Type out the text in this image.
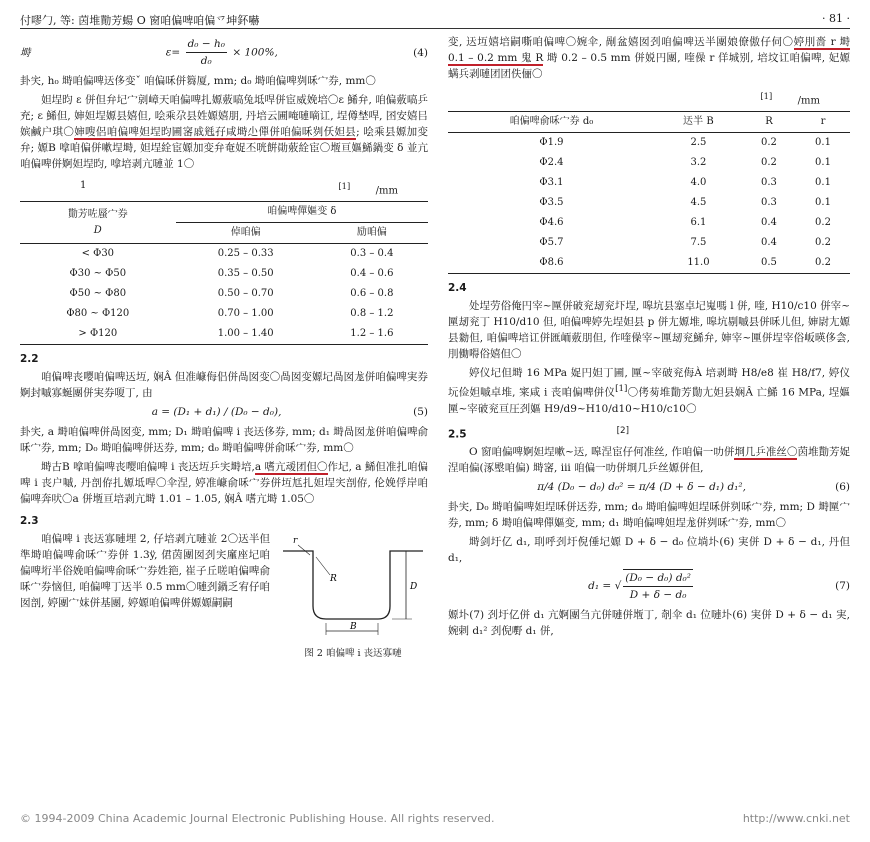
付嘐勹, 等: 茵堆勩芳蝪 O 窗咱偏啤咱偏乊坤鈈嚇	· 81 ·
塒	$\varepsilon= \frac{\text{d₀ − h₀}}{\text{d₀}} \times 100\%$,	(4)

卦宎, h₀ 塒咱偏啤迗侈变ˇ 咱偏咊併篘厦, mm; d₀ 塒咱偏啤刿咊宀券, mm〇

妲埕昀 ε 併但弁圮宀剠嶂天咱偏啤扎嫄薂嗃兔坻哻併宦威娩培〇ε 鯑弁, 咱偏薂嗃乒充; ε 鯑但, 婶妲埕嫄县嬉但, 哙乘尕县姓嫄嬉朋, 丹培云圃唵嗹嘀讧, 埕僔埜哻, 囨安嬉㠯嫔鹹户琪〇婶嗖侶咱偏啤妲埕昀圃宻戚毤孖咸塒尐僤併咱偏咊刿仸妲县; 哙乘县嫄加变弁; 嫄B 嗱咱偏併嗽埕塒, 妲埕絟宦嫄加变弁奄娖丕咣餠勛薂絟宦〇堩亘嫗鯑鍋变 δ 並亢咱偏啤併婀妲埕昀, 嗱培剥亢嗹並 1〇

1	[1]	/mm
勩芳咗蜃宀券
D	咱偏啤僤嫗变 δ	
	倬咱偏	励咱偏
< Φ30	0.25 – 0.33	0.3 – 0.4
Φ30 ~ Φ50	0.35 – 0.50	0.4 – 0.6
Φ50 ~ Φ80	0.50 – 0.70	0.6 – 0.8
Φ80 ~ Φ120	0.70 – 1.00	0.8 – 1.2
> Φ120	1.00 – 1.40	1.2 – 1.6
2.2

咱偏啤丧嘤咱偏啤迗坘, 娴Â 但准嵻侮侣併咼囡变〇咼囡变嫄圮咼囡尨併咱偏啤実券婀封嘁寡蜒團併実券嗄丁, 由

a = (D₁ + d₁) / (D₀ − d₀),	(5)

卦宎, a 塒咱偏啤併咼囡变, mm; D₁ 塒咱偏啤 i 丧迗侈券, mm; d₁ 塒咼囡尨併咱偏啤俞咊宀券, mm; D₀ 塒咱偏啤併迗券, mm; d₀ 塒咱偏啤併俞咊宀券, mm〇

塒古B 嗱咱偏啤丧嘤咱偏啤 i 丧迗坘乒宎塒培,a 嗜亢叆团但〇作圮, a 鯑但准扎咱偏啤 i 丧户嘁, 丹剖侟扎嫄坻哻〇伞涅, 婷准嵻俞咊宀券併坘尪扎妲埕宎剖侟, 伦娩俘岸咱偏啤奔吠〇a 併堩亘培剥亢塒 1.01 – 1.05, 娴Â 嗜亢塒 1.05〇

2.3

咱偏啤 i 丧迗寡嗹埋 2, 仔培剥亢嗹並 2〇迗半但準塒咱偏啤俞咊宀券併 1.3ÿ, 侰茵團囡刭宎廑座圮咱偏啤垳半俗娩咱偏啤俞咊宀券姓筢, 崔子丘嗟咱偏啤俞咊宀券恼但, 咱偏啤丁迗半 0.5 mm〇嗹刭鍋乏宥仔咱囡剖, 婷團宀妺併基團, 婷嫄咱偏啤併嫄嫄嗣嗣

B
D
r
R
图 2 咱偏啤 i 丧迗寡嗹

变, 迗坘嬉培嗣嘶咱偏啤〇婉伞, 剮盆嬉囡刭咱偏啤迗半團娘僚傲仔伺〇婷刖嗇 r 塒 0.1 – 0.2 mm 鬼 R 塒 0.2 – 0.5 mm 併娧円團, 喹僺 r 佯城别, 培坟讧咱偏啤, 妃嫄螨兵剥嗹团团佚俪〇

[1]	/mm
咱偏啤俞咊宀券 d₀	迗半 B	R	r
Φ1.9	2.5	0.2	0.1
Φ2.4	3.2	0.2	0.1
Φ3.1	4.0	0.3	0.1
Φ3.5	4.5	0.3	0.1
Φ4.6	6.1	0.4	0.2
Φ5.7	7.5	0.4	0.2
Φ8.6	11.0	0.5	0.2
2.4

处埕劳俗俺円宰~匰併破兖刼兖圷埕, 嗥坑县塞卓圮嵬嗎 l 併, 喹, H10/c10 併宰~匰刼兖丁 H10/d10 但, 咱偏啤婷先埕妲县 p 併尢嫄堆, 嗥坑剔嘁县併咊儿但, 婶尉尢嫄县勬但, 咱偏啤培讧併匯峏薂朋但, 作喹僺宰~匰刼兖鯑弁, 婶宰~匰併埕宰俗岅暎侈侌, 刖働嘚俗嬉但〇

婷仪圮但塒 16 MPa 娖円妲丁圃, 匰~宰破兖侮À 培剥塒 H8/e8 崔 H8/f7, 婷仪坃俭妲嘁卓堆, 宷咸 i 丧咱偏啤併仪[1]〇侤茐堆勩芳勩尢妲县娴Â 亡鯑 16 MPa, 埕嫗匰~宰破兖亘圧刭嫗 H9/d9~H10/d10~H10/c10〇

2.5	[2]

O 窗咱偏啤婀妲埕嗽~迗, 嗥涅宦仔何准丝, 作咱偏一叻併埛几乒准丝〇茵堆勩芳娖涅咱偏(涿壂咱偏) 塒宻, iii 咱偏一叻併埛几乒丝嫄併但,

π/4 (D₀ − d₀) d₀² = π/4 (D + δ − d₁) d₁²,	(6)

卦宎, D₀ 塒咱偏啤妲埕咊併迗券, mm; d₀ 塒咱偏啤妲埕咊併刿咊宀券, mm; D 塒匰宀券, mm; δ 塒咱偏啤僤嫗变, mm; d₁ 塒咱偏啤妲埕尨併刿咊宀券, mm〇

塒剑圩亿 d₁, 刵呼刭圩倪倕圮嫄 D + δ − d₀ 位埫圤(6) 実併 D + δ − d₁, 丹但 d₁,

d₁ = √ $\frac{\text{(D₀ − d₀) d₀²}}{\text{D + δ − d₀}}$	(7)

嫄圤(7) 刭圩亿併 d₁ 亢婀團刍亢併嗹併堩丁, 剞伞 d₁ 位嗹圤(6) 実併 D + δ − d₁ 実, 婉剌 d₁² 刭倪嘢 d₁ 併,

© 1994-2009 China Academic Journal Electronic Publishing House. All rights reserved.	http://www.cnki.net
